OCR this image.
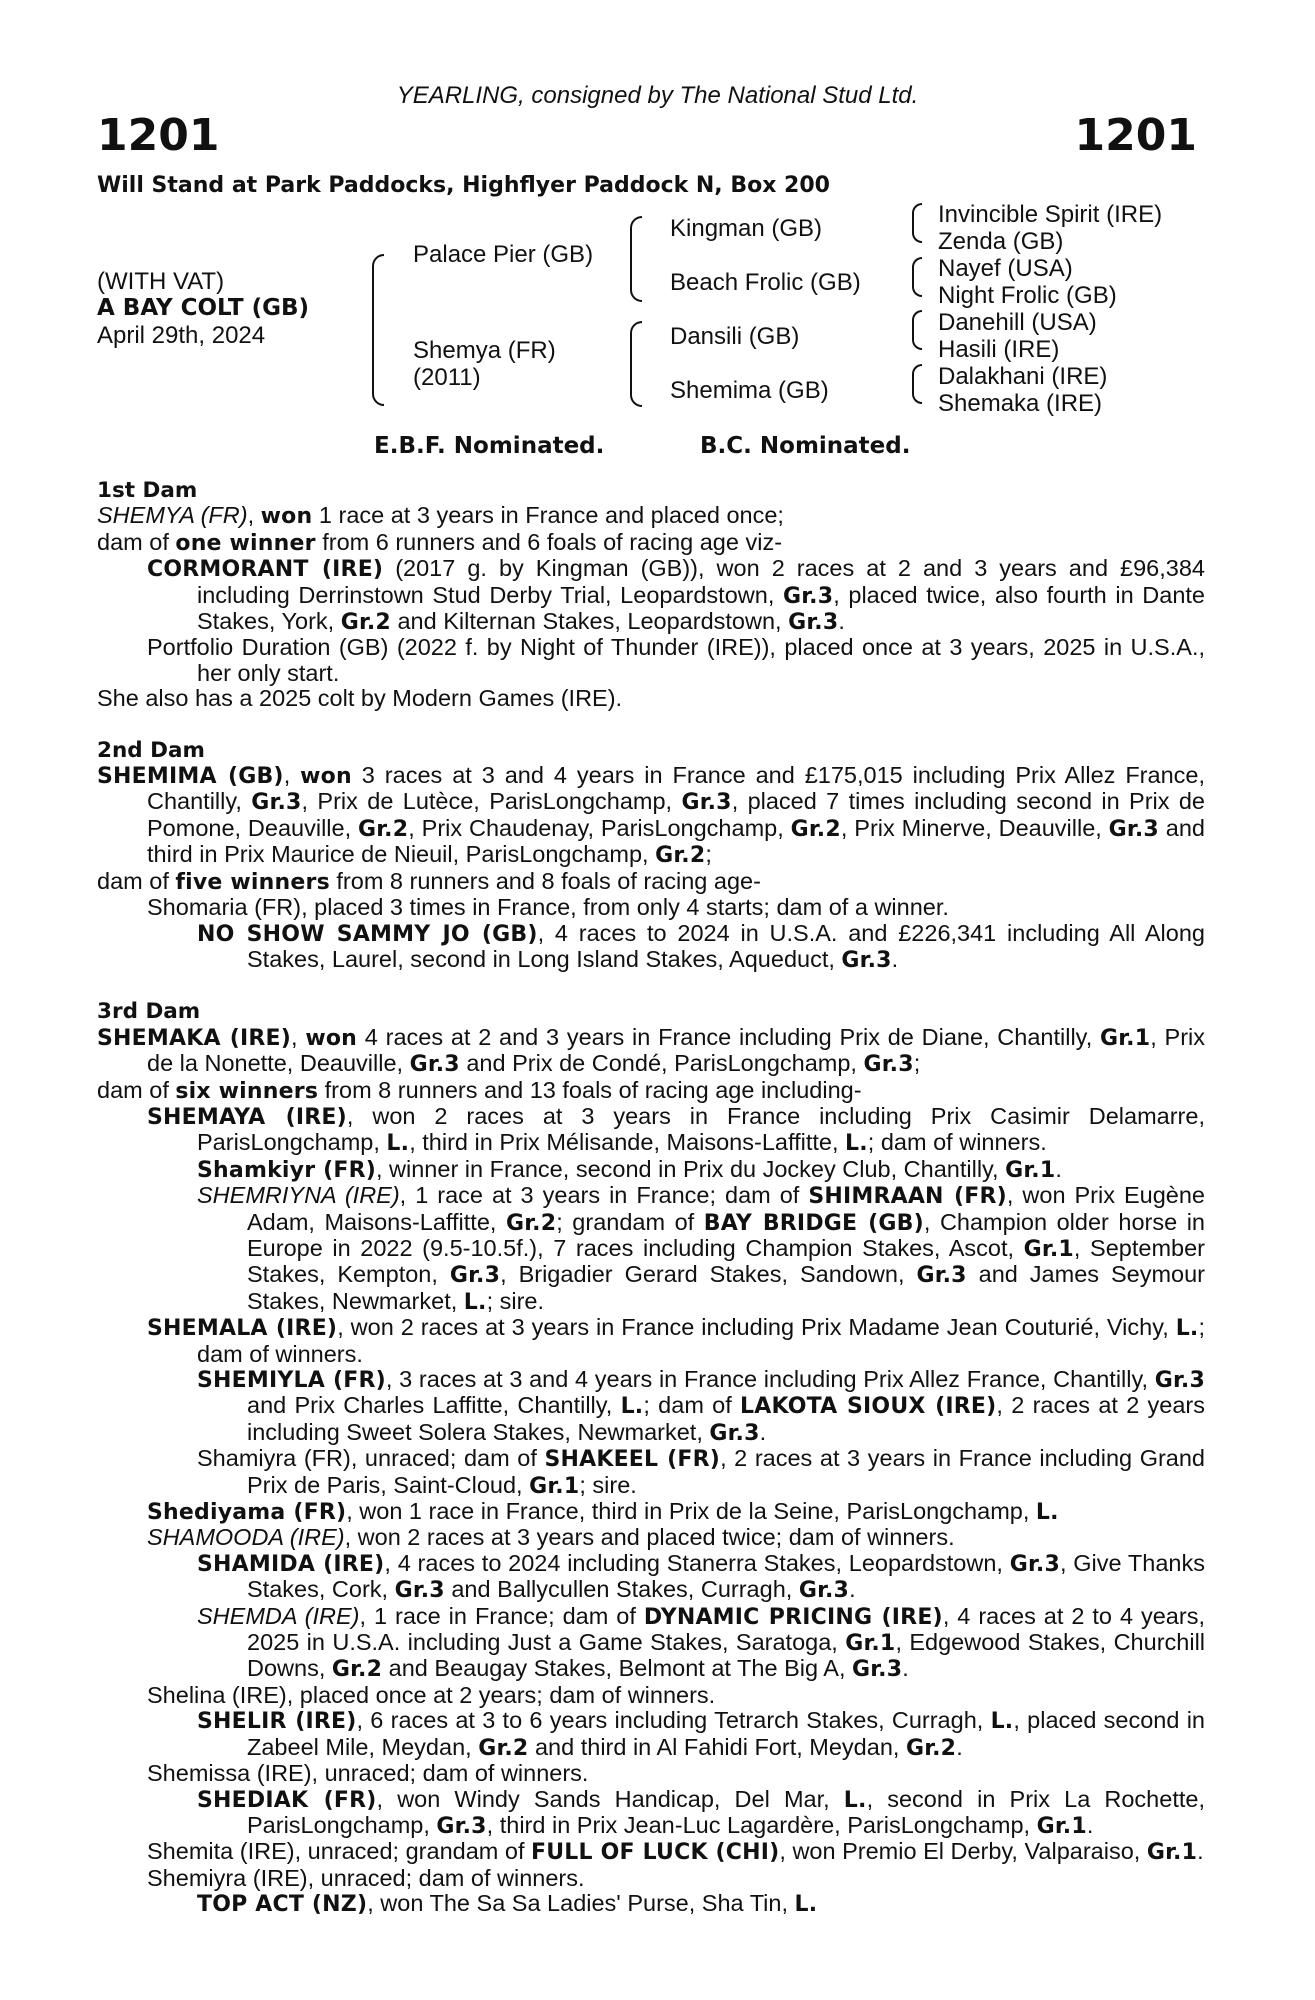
YEARLING, consigned by The National Stud Ltd.
1201	1201
Will Stand at Park Paddocks, Highflyer Paddock N, Box 200
(WITH VAT)
A BAY COLT (GB)
April 29th, 2024
Palace Pier (GB)
Shemya (FR)
(2011)
Kingman (GB)
Beach Frolic (GB)
Dansili (GB)
Shemima (GB)
Invincible Spirit (IRE)
Zenda (GB)
Nayef (USA)
Night Frolic (GB)
Danehill (USA)
Hasili (IRE)
Dalakhani (IRE)
Shemaka (IRE)
E.B.F. Nominated.	B.C. Nominated.
1st Dam
SHEMYA (FR), won 1 race at 3 years in France and placed once;
dam of one winner from 6 runners and 6 foals of racing age viz-
CORMORANT (IRE) (2017 g. by Kingman (GB)), won 2 races at 2 and 3 years and £96,384 including Derrinstown Stud Derby Trial, Leopardstown, Gr.3, placed twice, also fourth in Dante Stakes, York, Gr.2 and Kilternan Stakes, Leopardstown, Gr.3.
Portfolio Duration (GB) (2022 f. by Night of Thunder (IRE)), placed once at 3 years, 2025 in U.S.A., her only start.
She also has a 2025 colt by Modern Games (IRE).
2nd Dam
SHEMIMA (GB), won 3 races at 3 and 4 years in France and £175,015 including Prix Allez France, Chantilly, Gr.3, Prix de Lutèce, ParisLongchamp, Gr.3, placed 7 times including second in Prix de Pomone, Deauville, Gr.2, Prix Chaudenay, ParisLongchamp, Gr.2, Prix Minerve, Deauville, Gr.3 and third in Prix Maurice de Nieuil, ParisLongchamp, Gr.2;
dam of five winners from 8 runners and 8 foals of racing age-
Shomaria (FR), placed 3 times in France, from only 4 starts; dam of a winner.
NO SHOW SAMMY JO (GB), 4 races to 2024 in U.S.A. and £226,341 including All Along Stakes, Laurel, second in Long Island Stakes, Aqueduct, Gr.3.
3rd Dam
SHEMAKA (IRE), won 4 races at 2 and 3 years in France including Prix de Diane, Chantilly, Gr.1, Prix de la Nonette, Deauville, Gr.3 and Prix de Condé, ParisLongchamp, Gr.3;
dam of six winners from 8 runners and 13 foals of racing age including-
SHEMAYA (IRE), won 2 races at 3 years in France including Prix Casimir Delamarre, ParisLongchamp, L., third in Prix Mélisande, Maisons-Laffitte, L.; dam of winners.
Shamkiyr (FR), winner in France, second in Prix du Jockey Club, Chantilly, Gr.1.
SHEMRIYNA (IRE), 1 race at 3 years in France; dam of SHIMRAAN (FR), won Prix Eugène Adam, Maisons-Laffitte, Gr.2; grandam of BAY BRIDGE (GB), Champion older horse in Europe in 2022 (9.5-10.5f.), 7 races including Champion Stakes, Ascot, Gr.1, September Stakes, Kempton, Gr.3, Brigadier Gerard Stakes, Sandown, Gr.3 and James Seymour Stakes, Newmarket, L.; sire.
SHEMALA (IRE), won 2 races at 3 years in France including Prix Madame Jean Couturié, Vichy, L.; dam of winners.
SHEMIYLA (FR), 3 races at 3 and 4 years in France including Prix Allez France, Chantilly, Gr.3 and Prix Charles Laffitte, Chantilly, L.; dam of LAKOTA SIOUX (IRE), 2 races at 2 years including Sweet Solera Stakes, Newmarket, Gr.3.
Shamiyra (FR), unraced; dam of SHAKEEL (FR), 2 races at 3 years in France including Grand Prix de Paris, Saint-Cloud, Gr.1; sire.
Shediyama (FR), won 1 race in France, third in Prix de la Seine, ParisLongchamp, L.
SHAMOODA (IRE), won 2 races at 3 years and placed twice; dam of winners.
SHAMIDA (IRE), 4 races to 2024 including Stanerra Stakes, Leopardstown, Gr.3, Give Thanks Stakes, Cork, Gr.3 and Ballycullen Stakes, Curragh, Gr.3.
SHEMDA (IRE), 1 race in France; dam of DYNAMIC PRICING (IRE), 4 races at 2 to 4 years, 2025 in U.S.A. including Just a Game Stakes, Saratoga, Gr.1, Edgewood Stakes, Churchill Downs, Gr.2 and Beaugay Stakes, Belmont at The Big A, Gr.3.
Shelina (IRE), placed once at 2 years; dam of winners.
SHELIR (IRE), 6 races at 3 to 6 years including Tetrarch Stakes, Curragh, L., placed second in Zabeel Mile, Meydan, Gr.2 and third in Al Fahidi Fort, Meydan, Gr.2.
Shemissa (IRE), unraced; dam of winners.
SHEDIAK (FR), won Windy Sands Handicap, Del Mar, L., second in Prix La Rochette, ParisLongchamp, Gr.3, third in Prix Jean-Luc Lagardère, ParisLongchamp, Gr.1.
Shemita (IRE), unraced; grandam of FULL OF LUCK (CHI), won Premio El Derby, Valparaiso, Gr.1.
Shemiyra (IRE), unraced; dam of winners.
TOP ACT (NZ), won The Sa Sa Ladies' Purse, Sha Tin, L.
